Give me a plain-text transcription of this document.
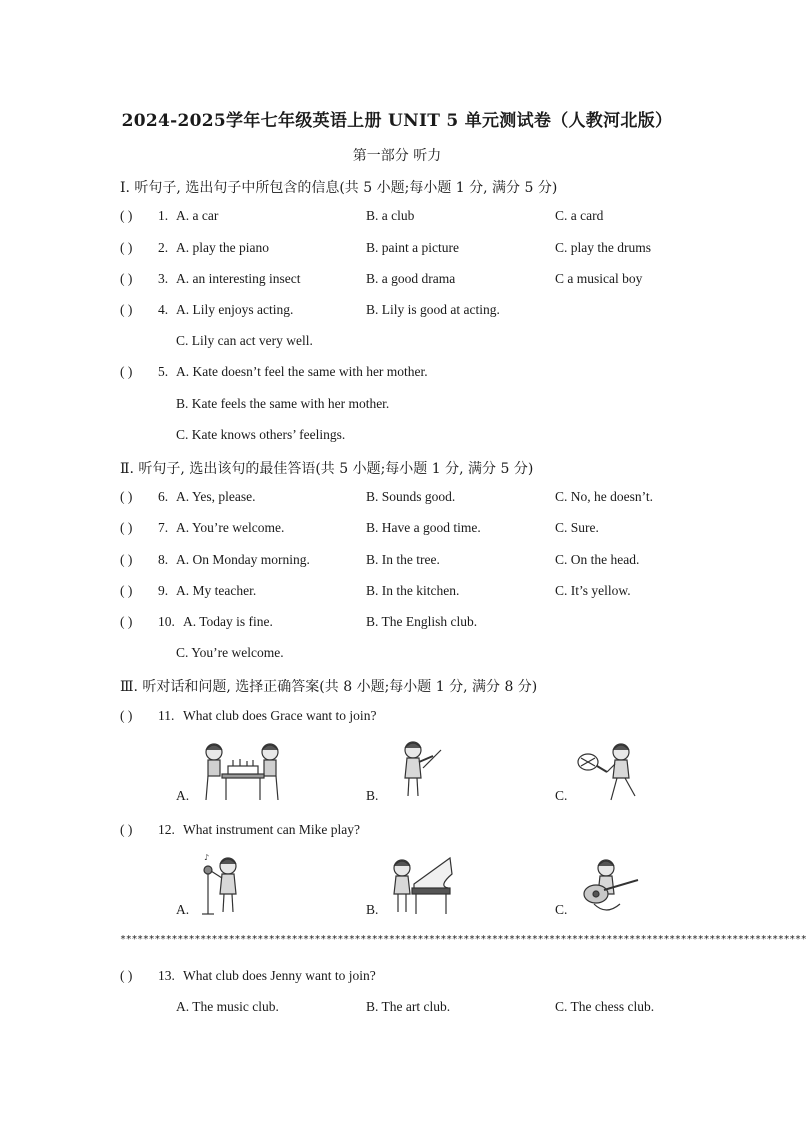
2024-2025学年七年级英语上册 UNIT 5 单元测试卷（人教河北版）
第一部分 听力
Ⅰ. 听句子, 选出句子中所包含的信息(共 5 小题;每小题 1 分, 满分 5 分)
( ) 1. A. a car	B. a club	C. a card
( ) 2. A. play the piano	B. paint a picture	C. play the drums
( ) 3. A. an interesting insect	B. a good drama	C a musical boy
( ) 4. A. Lily enjoys acting.	B. Lily is good at acting.
C. Lily can act very well.
( ) 5. A. Kate doesn’t feel the same with her mother.
B. Kate feels the same with her mother.
C. Kate knows others’ feelings.
Ⅱ. 听句子, 选出该句的最佳答语(共 5 小题;每小题 1 分, 满分 5 分)
( ) 6. A. Yes, please.	B. Sounds good.	C. No, he doesn’t.
( ) 7. A. You’re welcome.	B. Have a good time.	C. Sure.
( ) 8. A. On Monday morning.	B. In the tree.	C. On the head.
( ) 9. A. My teacher.	B. In the kitchen.	C. It’s yellow.
( ) 10. A. Today is fine.	B. The English club.
C. You’re welcome.
Ⅲ. 听对话和问题, 选择正确答案(共 8 小题;每小题 1 分, 满分 8 分)
( ) 11. What club does Grace want to join?
A.	B.	C.
( ) 12. What instrument can Mike play?
A.
♪
B.	C.
************************************************************************************************************************
( ) 13. What club does Jenny want to join?
A. The music club.	B. The art club.	C. The chess club.
